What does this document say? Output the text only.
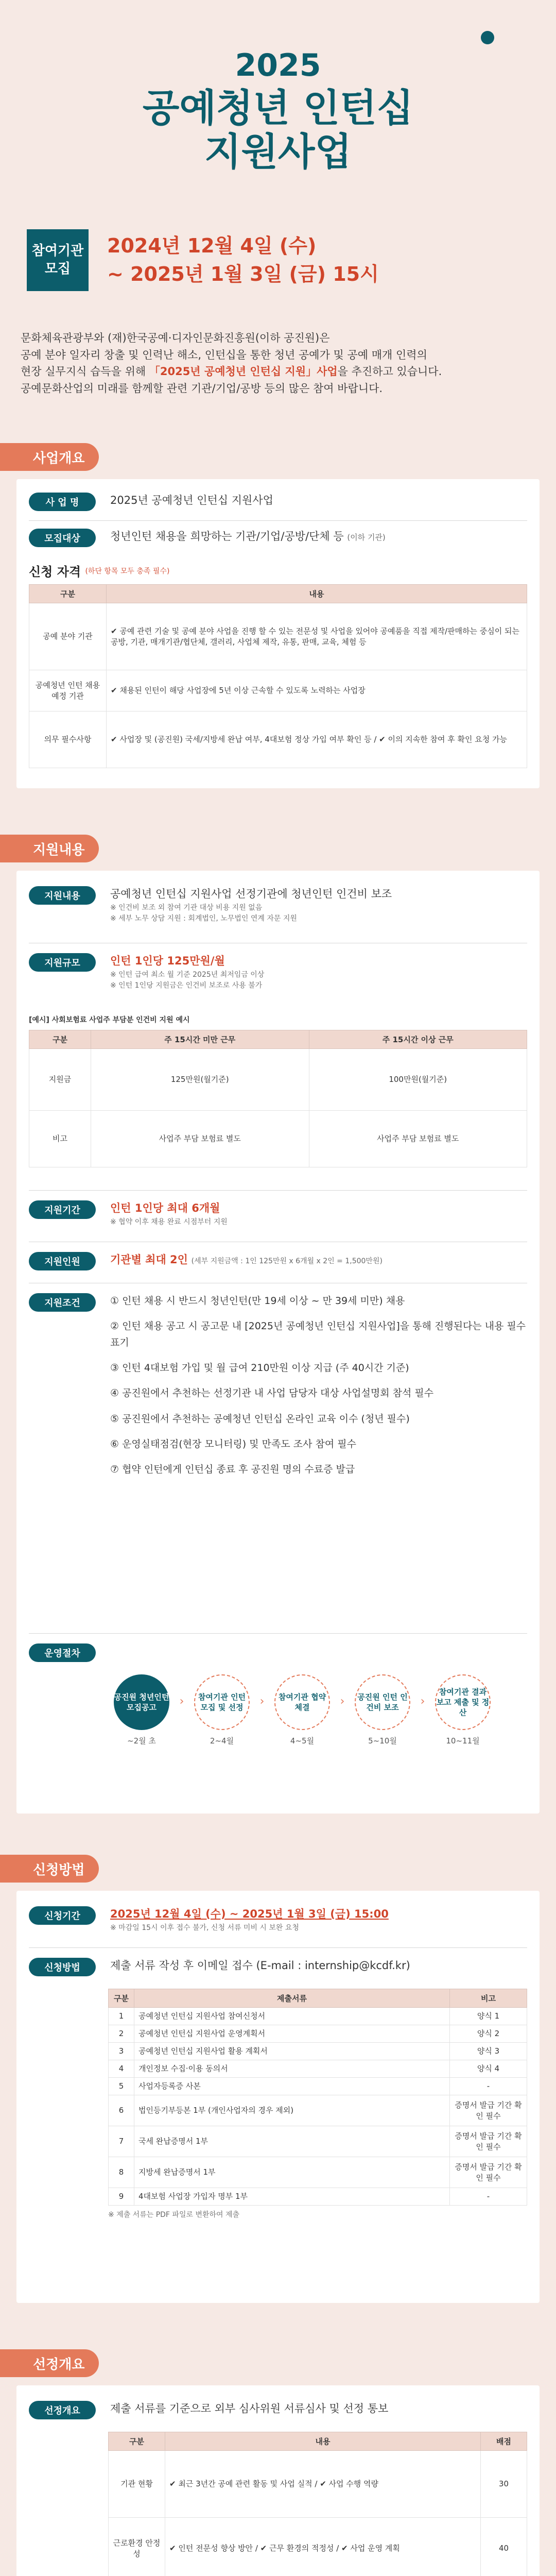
2025
공예청년 인턴십
지원사업
참여기관
모집
2024년 12월 4일 (수)
~ 2025년 1월 3일 (금) 15시
문화체육관광부와 (재)한국공예·디자인문화진흥원(이하 공진원)은
공예 분야 일자리 창출 및 인력난 해소, 인턴십을 통한 청년 공예가 및 공예 매개 인력의
현장 실무지식 습득을 위해 「2025년 공예청년 인턴십 지원」사업을 추진하고 있습니다.
공예문화산업의 미래를 함께할 관련 기관/기업/공방 등의 많은 참여 바랍니다.
사업개요
사 업 명	2025년 공예청년 인턴십 지원사업
모집대상	청년인턴 채용을 희망하는 기관/기업/공방/단체 등 (이하 기관)
신청 자격
(하단 항목 모두 충족 필수)
구분	내용
공예 분야 기관	✔ 공예 관련 기술 및 공예 분야 사업을 진행 할 수 있는 전문성 및 사업을 있어야 공예품을 직접 제작/판매하는 중심이 되는 공방, 기관, 매개기관/협단체, 갤러리, 사업체 제작, 유통, 판매, 교육, 체험 등
공예청년 인턴 채용예정 기관	✔ 채용된 인턴이 해당 사업장에 5년 이상 근속할 수 있도록 노력하는 사업장
의무 필수사항	✔ 사업장 및 (공진원) 국세/지방세 완납 여부, 4대보험 정상 가입 여부 확인 등 / ✔ 이의 지속한 참여 후 확인 요청 가능
지원내용
지원내용	공예청년 인턴십 지원사업 선정기관에 청년인턴 인건비 보조
※ 인건비 보조 외 참여 기관 대상 비용 지원 없음
※ 세부 노무 상담 지원 : 회계법인, 노무법인 연계 자문 지원
지원규모	인턴 1인당 125만원/월
※ 인턴 급여 최소 월 기준 2025년 최저임금 이상
※ 인턴 1인당 지원금은 인건비 보조로 사용 불가
[예시] 사회보험료 사업주 부담분 인건비 지원 예시
구분	주 15시간 미만 근무	주 15시간 이상 근무
지원금	125만원(월기준)	100만원(월기준)
비고	사업주 부담 보험료 별도	사업주 부담 보험료 별도
지원기간	인턴 1인당 최대 6개월
※ 협약 이후 채용 완료 시점부터 지원
지원인원	기관별 최대 2인 (세부 지원금액 : 1인 125만원 x 6개월 x 2인 = 1,500만원)
지원조건	① 인턴 채용 시 반드시 청년인턴(만 19세 이상 ~ 만 39세 미만) 채용
② 인턴 채용 공고 시 공고문 내 [2025년 공예청년 인턴십 지원사업]을 통해 진행된다는 내용 필수 표기
③ 인턴 4대보험 가입 및 월 급여 210만원 이상 지급 (주 40시간 기준)
④ 공진원에서 추천하는 선정기관 내 사업 담당자 대상 사업설명회 참석 필수
⑤ 공진원에서 추천하는 공예청년 인턴십 온라인 교육 이수 (청년 필수)
⑥ 운영실태점검(현장 모니터링) 및 만족도 조사 참여 필수
⑦ 협약 인턴에게 인턴십 종료 후 공진원 명의 수료증 발급
운영절차
공진원 청년인턴 모집공고
~2월 초
›	참여기관 인턴 모집 및 선정
2~4월
›	참여기관 협약 체결
4~5월
›	공진원 인턴 인건비 보조
5~10월
›
참여기관 결과보고 제출 및 정산
10~11월
신청방법
신청기간	2025년 12월 4일 (수) ~ 2025년 1월 3일 (금) 15:00
※ 마감일 15시 이후 접수 불가, 신청 서류 미비 시 보완 요청
신청방법	제출 서류 작성 후 이메일 접수 (E-mail : internship@kcdf.kr)
구분	제출서류	비고
1	공예청년 인턴십 지원사업 참여신청서	양식 1
2	공예청년 인턴십 지원사업 운영계획서	양식 2
3	공예청년 인턴십 지원사업 활용 계획서	양식 3
4	개인정보 수집·이용 동의서	양식 4
5	사업자등록증 사본	-
6	법인등기부등본 1부 (개인사업자의 경우 제외)	증명서 발급 기간 확인 필수
7	국세 완납증명서 1부	증명서 발급 기간 확인 필수
8	지방세 완납증명서 1부	증명서 발급 기간 확인 필수
9	4대보험 사업장 가입자 명부 1부	-
※ 제출 서류는 PDF 파일로 변환하여 제출
선정개요
선정개요	제출 서류를 기준으로 외부 심사위원 서류심사 및 선정 통보
구분	내용	배점
기관 현황	✔ 최근 3년간 공예 관련 활동 및 사업 실적 / ✔ 사업 수행 역량	30
근로환경 안정성	✔ 인턴 전문성 향상 방안 / ✔ 근무 환경의 적정성 / ✔ 사업 운영 계획	40
